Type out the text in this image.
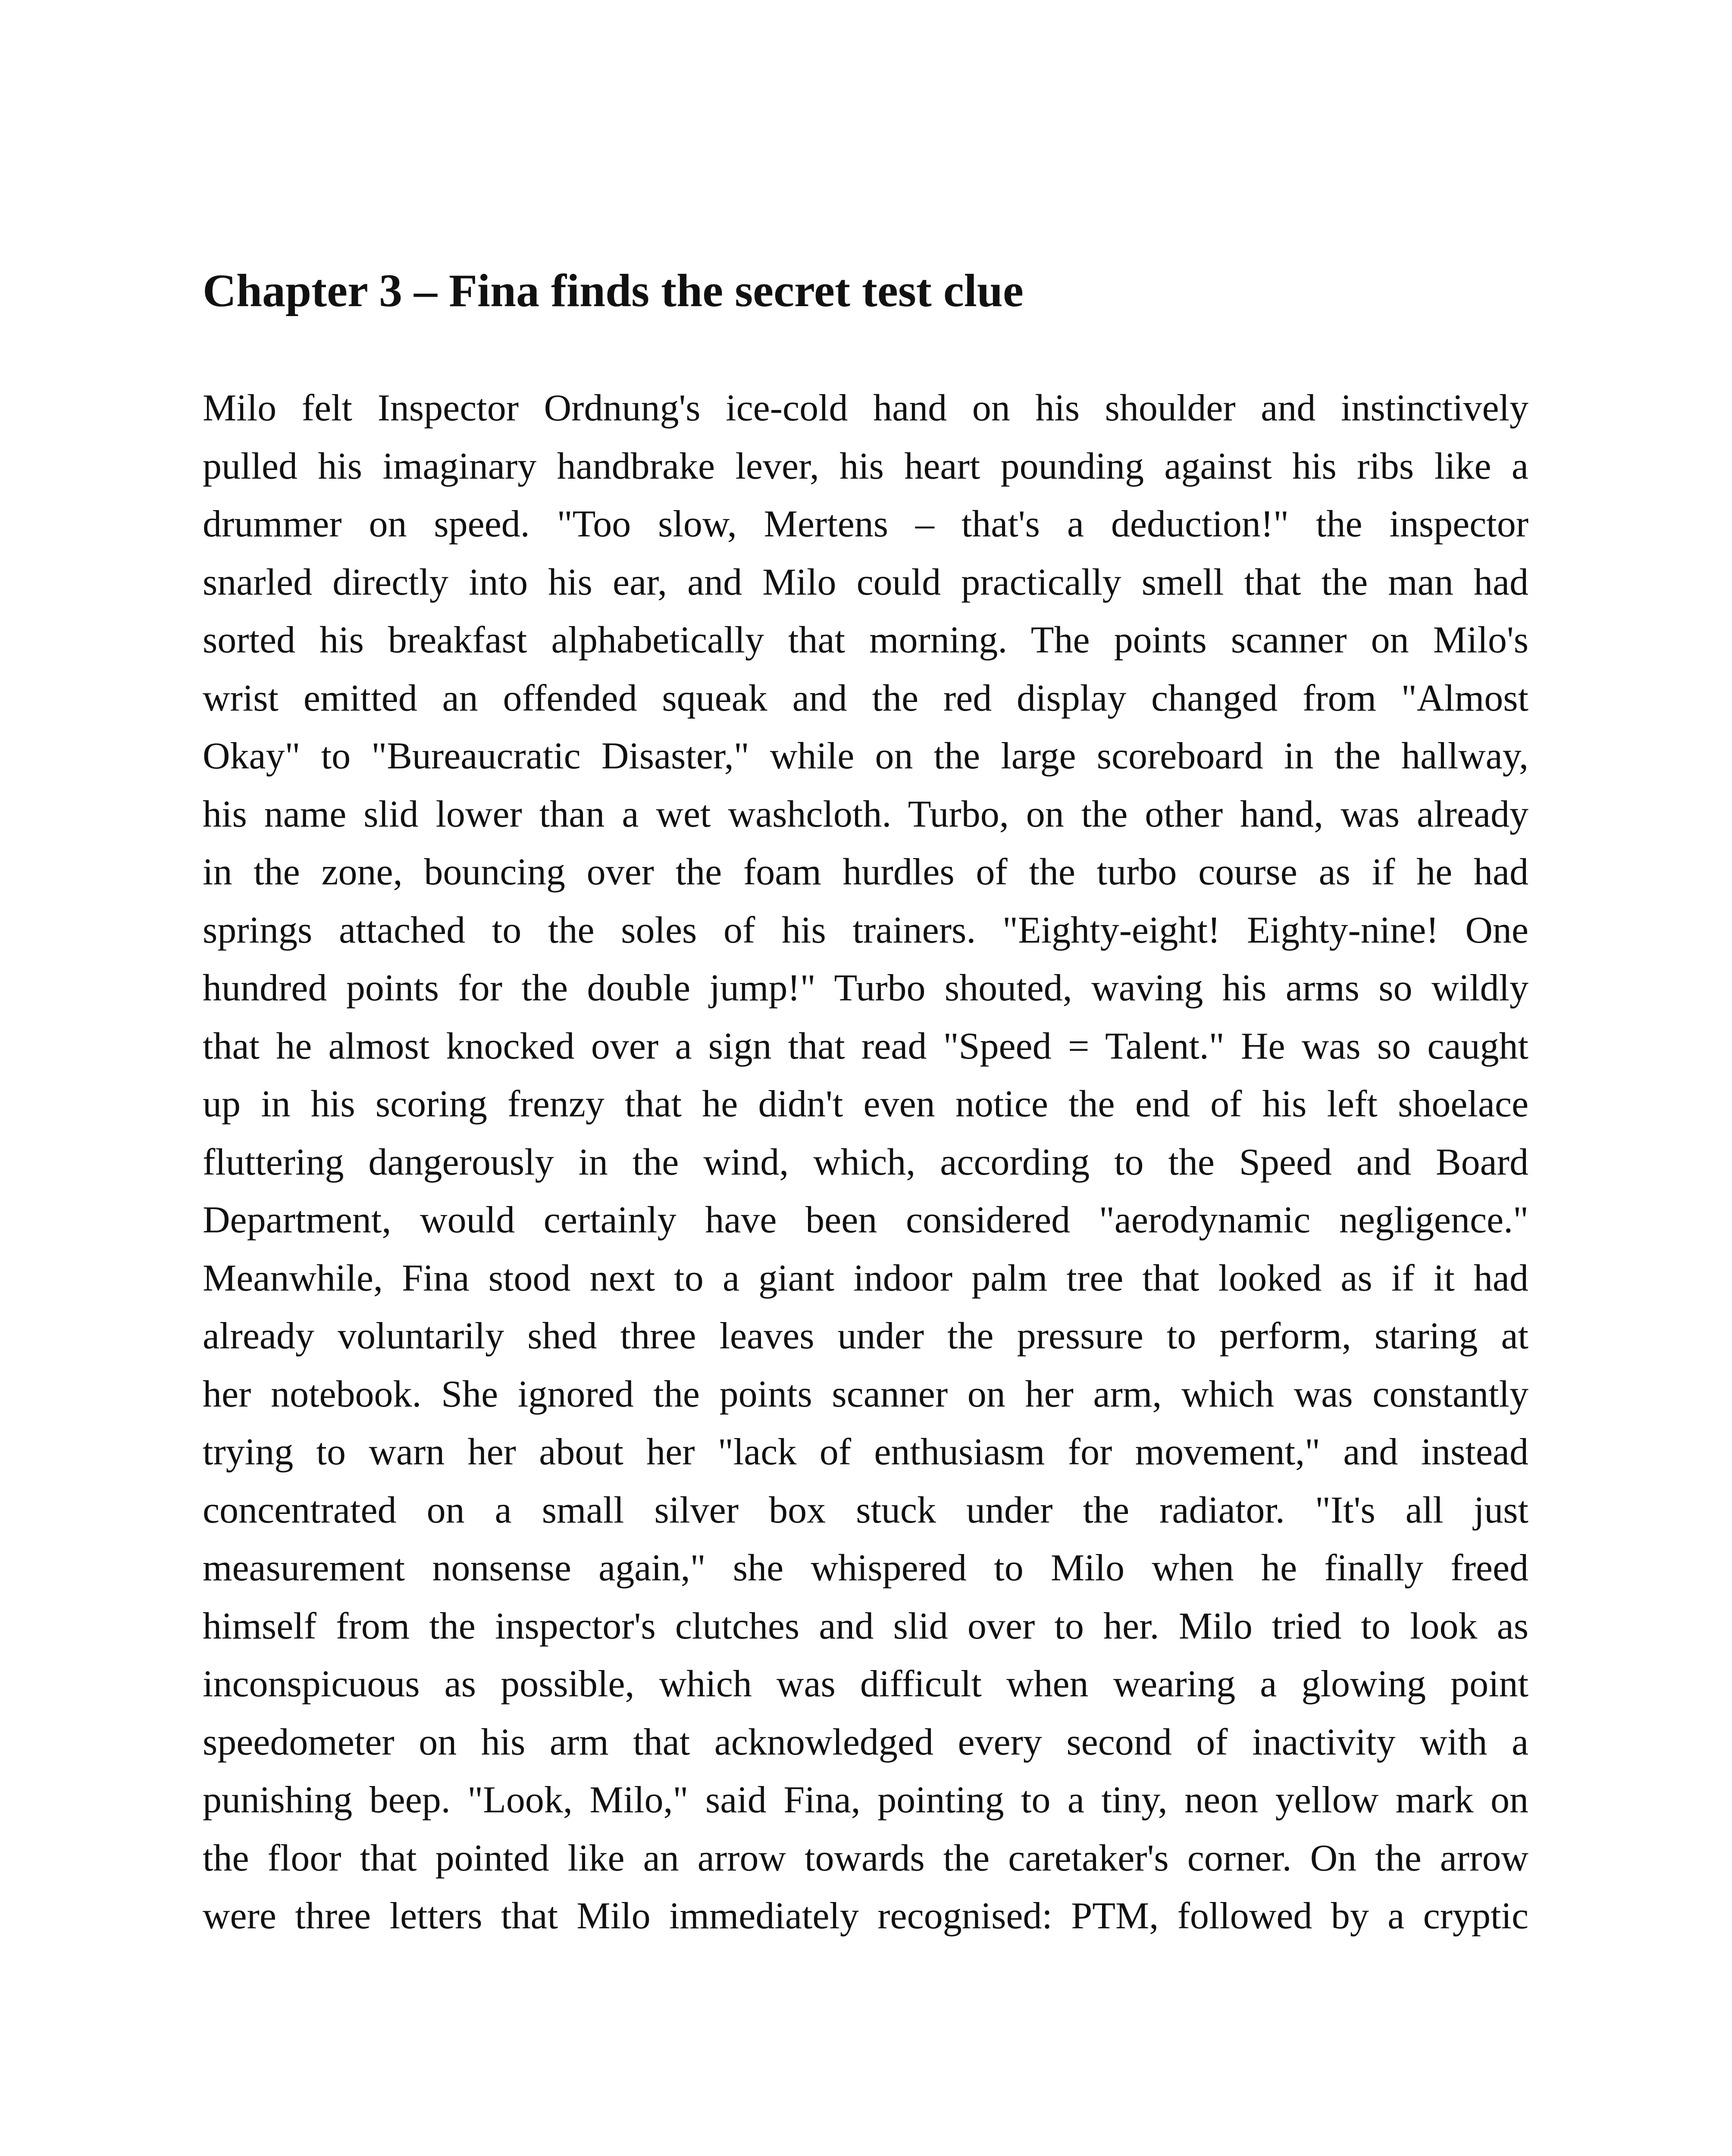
Chapter 3 – Fina finds the secret test clue
Milo felt Inspector Ordnung's ice-cold hand on his shoulder and instinctively
pulled his imaginary handbrake lever, his heart pounding against his ribs like a
drummer on speed. "Too slow, Mertens – that's a deduction!" the inspector
snarled directly into his ear, and Milo could practically smell that the man had
sorted his breakfast alphabetically that morning. The points scanner on Milo's
wrist emitted an offended squeak and the red display changed from "Almost
Okay" to "Bureaucratic Disaster," while on the large scoreboard in the hallway,
his name slid lower than a wet washcloth. Turbo, on the other hand, was already
in the zone, bouncing over the foam hurdles of the turbo course as if he had
springs attached to the soles of his trainers. "Eighty-eight! Eighty-nine! One
hundred points for the double jump!" Turbo shouted, waving his arms so wildly
that he almost knocked over a sign that read "Speed = Talent." He was so caught
up in his scoring frenzy that he didn't even notice the end of his left shoelace
fluttering dangerously in the wind, which, according to the Speed and Board
Department, would certainly have been considered "aerodynamic negligence."
Meanwhile, Fina stood next to a giant indoor palm tree that looked as if it had
already voluntarily shed three leaves under the pressure to perform, staring at
her notebook. She ignored the points scanner on her arm, which was constantly
trying to warn her about her "lack of enthusiasm for movement," and instead
concentrated on a small silver box stuck under the radiator. "It's all just
measurement nonsense again," she whispered to Milo when he finally freed
himself from the inspector's clutches and slid over to her. Milo tried to look as
inconspicuous as possible, which was difficult when wearing a glowing point
speedometer on his arm that acknowledged every second of inactivity with a
punishing beep. "Look, Milo," said Fina, pointing to a tiny, neon yellow mark on
the floor that pointed like an arrow towards the caretaker's corner. On the arrow
were three letters that Milo immediately recognised: PTM, followed by a cryptic
